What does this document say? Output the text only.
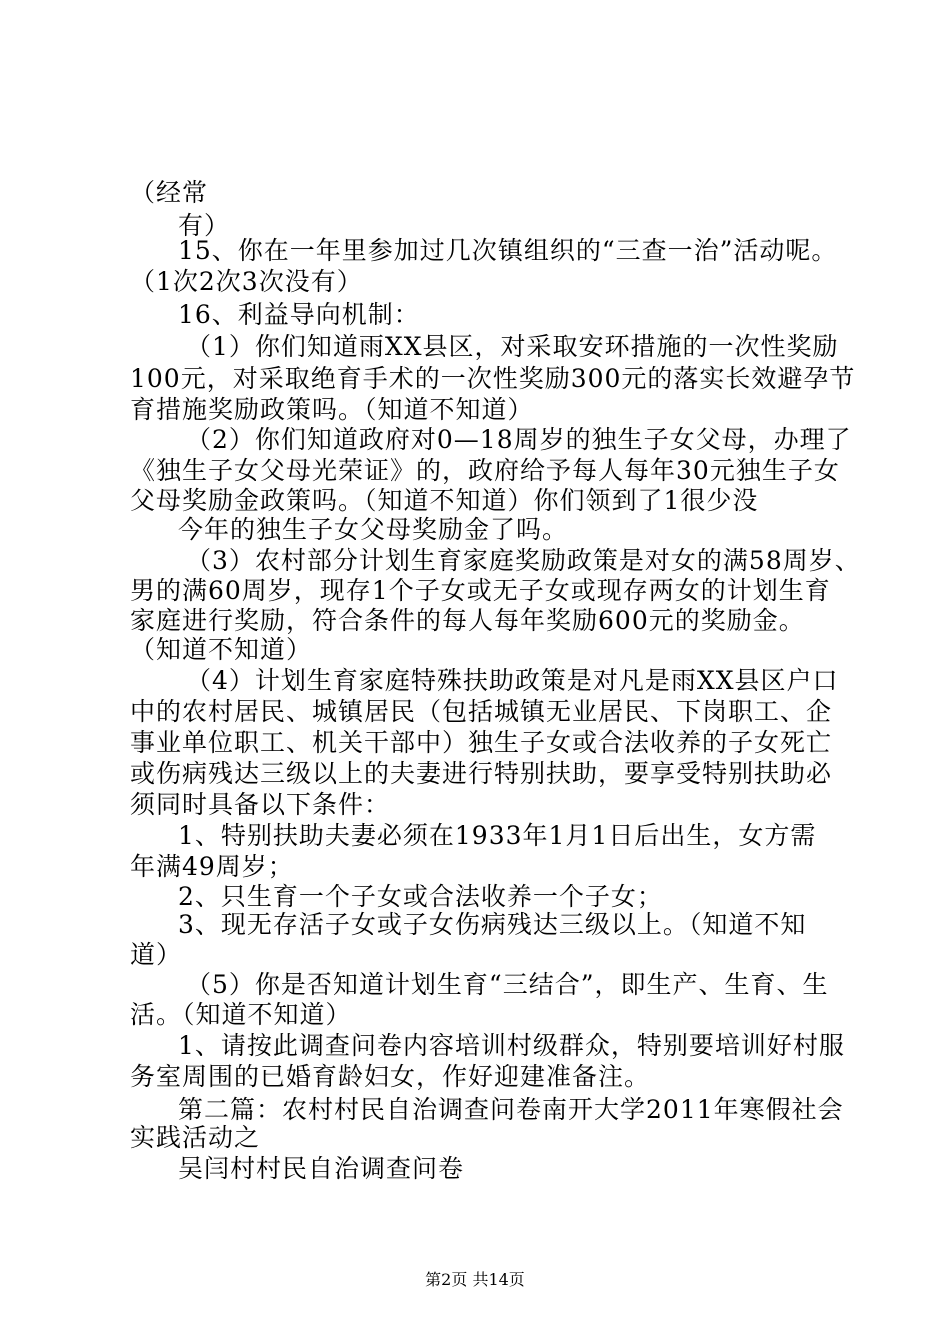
（经常
有）
15、你在一年里参加过几次镇组织的“三查一治”活动呢。
（1次2次3次没有）
16、利益导向机制：
（1）你们知道雨XX县区，对采取安环措施的一次性奖励
100元，对采取绝育手术的一次性奖励300元的落实长效避孕节
育措施奖励政策吗。（知道不知道）
（2）你们知道政府对0—18周岁的独生子女父母，办理了
《独生子女父母光荣证》的，政府给予每人每年30元独生子女
父母奖励金政策吗。（知道不知道）你们领到了1很少没
今年的独生子女父母奖励金了吗。
（3）农村部分计划生育家庭奖励政策是对女的满58周岁、
男的满60周岁，现存1个子女或无子女或现存两女的计划生育
家庭进行奖励，符合条件的每人每年奖励600元的奖励金。
（知道不知道）
（4）计划生育家庭特殊扶助政策是对凡是雨XX县区户口
中的农村居民、城镇居民（包括城镇无业居民、下岗职工、企
事业单位职工、机关干部中）独生子女或合法收养的子女死亡
或伤病残达三级以上的夫妻进行特别扶助，要享受特别扶助必
须同时具备以下条件：
1、特别扶助夫妻必须在1933年1月1日后出生，女方需
年满49周岁；
2、只生育一个子女或合法收养一个子女；
3、现无存活子女或子女伤病残达三级以上。（知道不知
道）
（5）你是否知道计划生育“三结合”，即生产、生育、生
活。（知道不知道）
1、请按此调查问卷内容培训村级群众，特别要培训好村服
务室周围的已婚育龄妇女，作好迎建准备注。
第二篇：农村村民自治调查问卷南开大学2011年寒假社会
实践活动之
吴闫村村民自治调查问卷
第2页 共14页
